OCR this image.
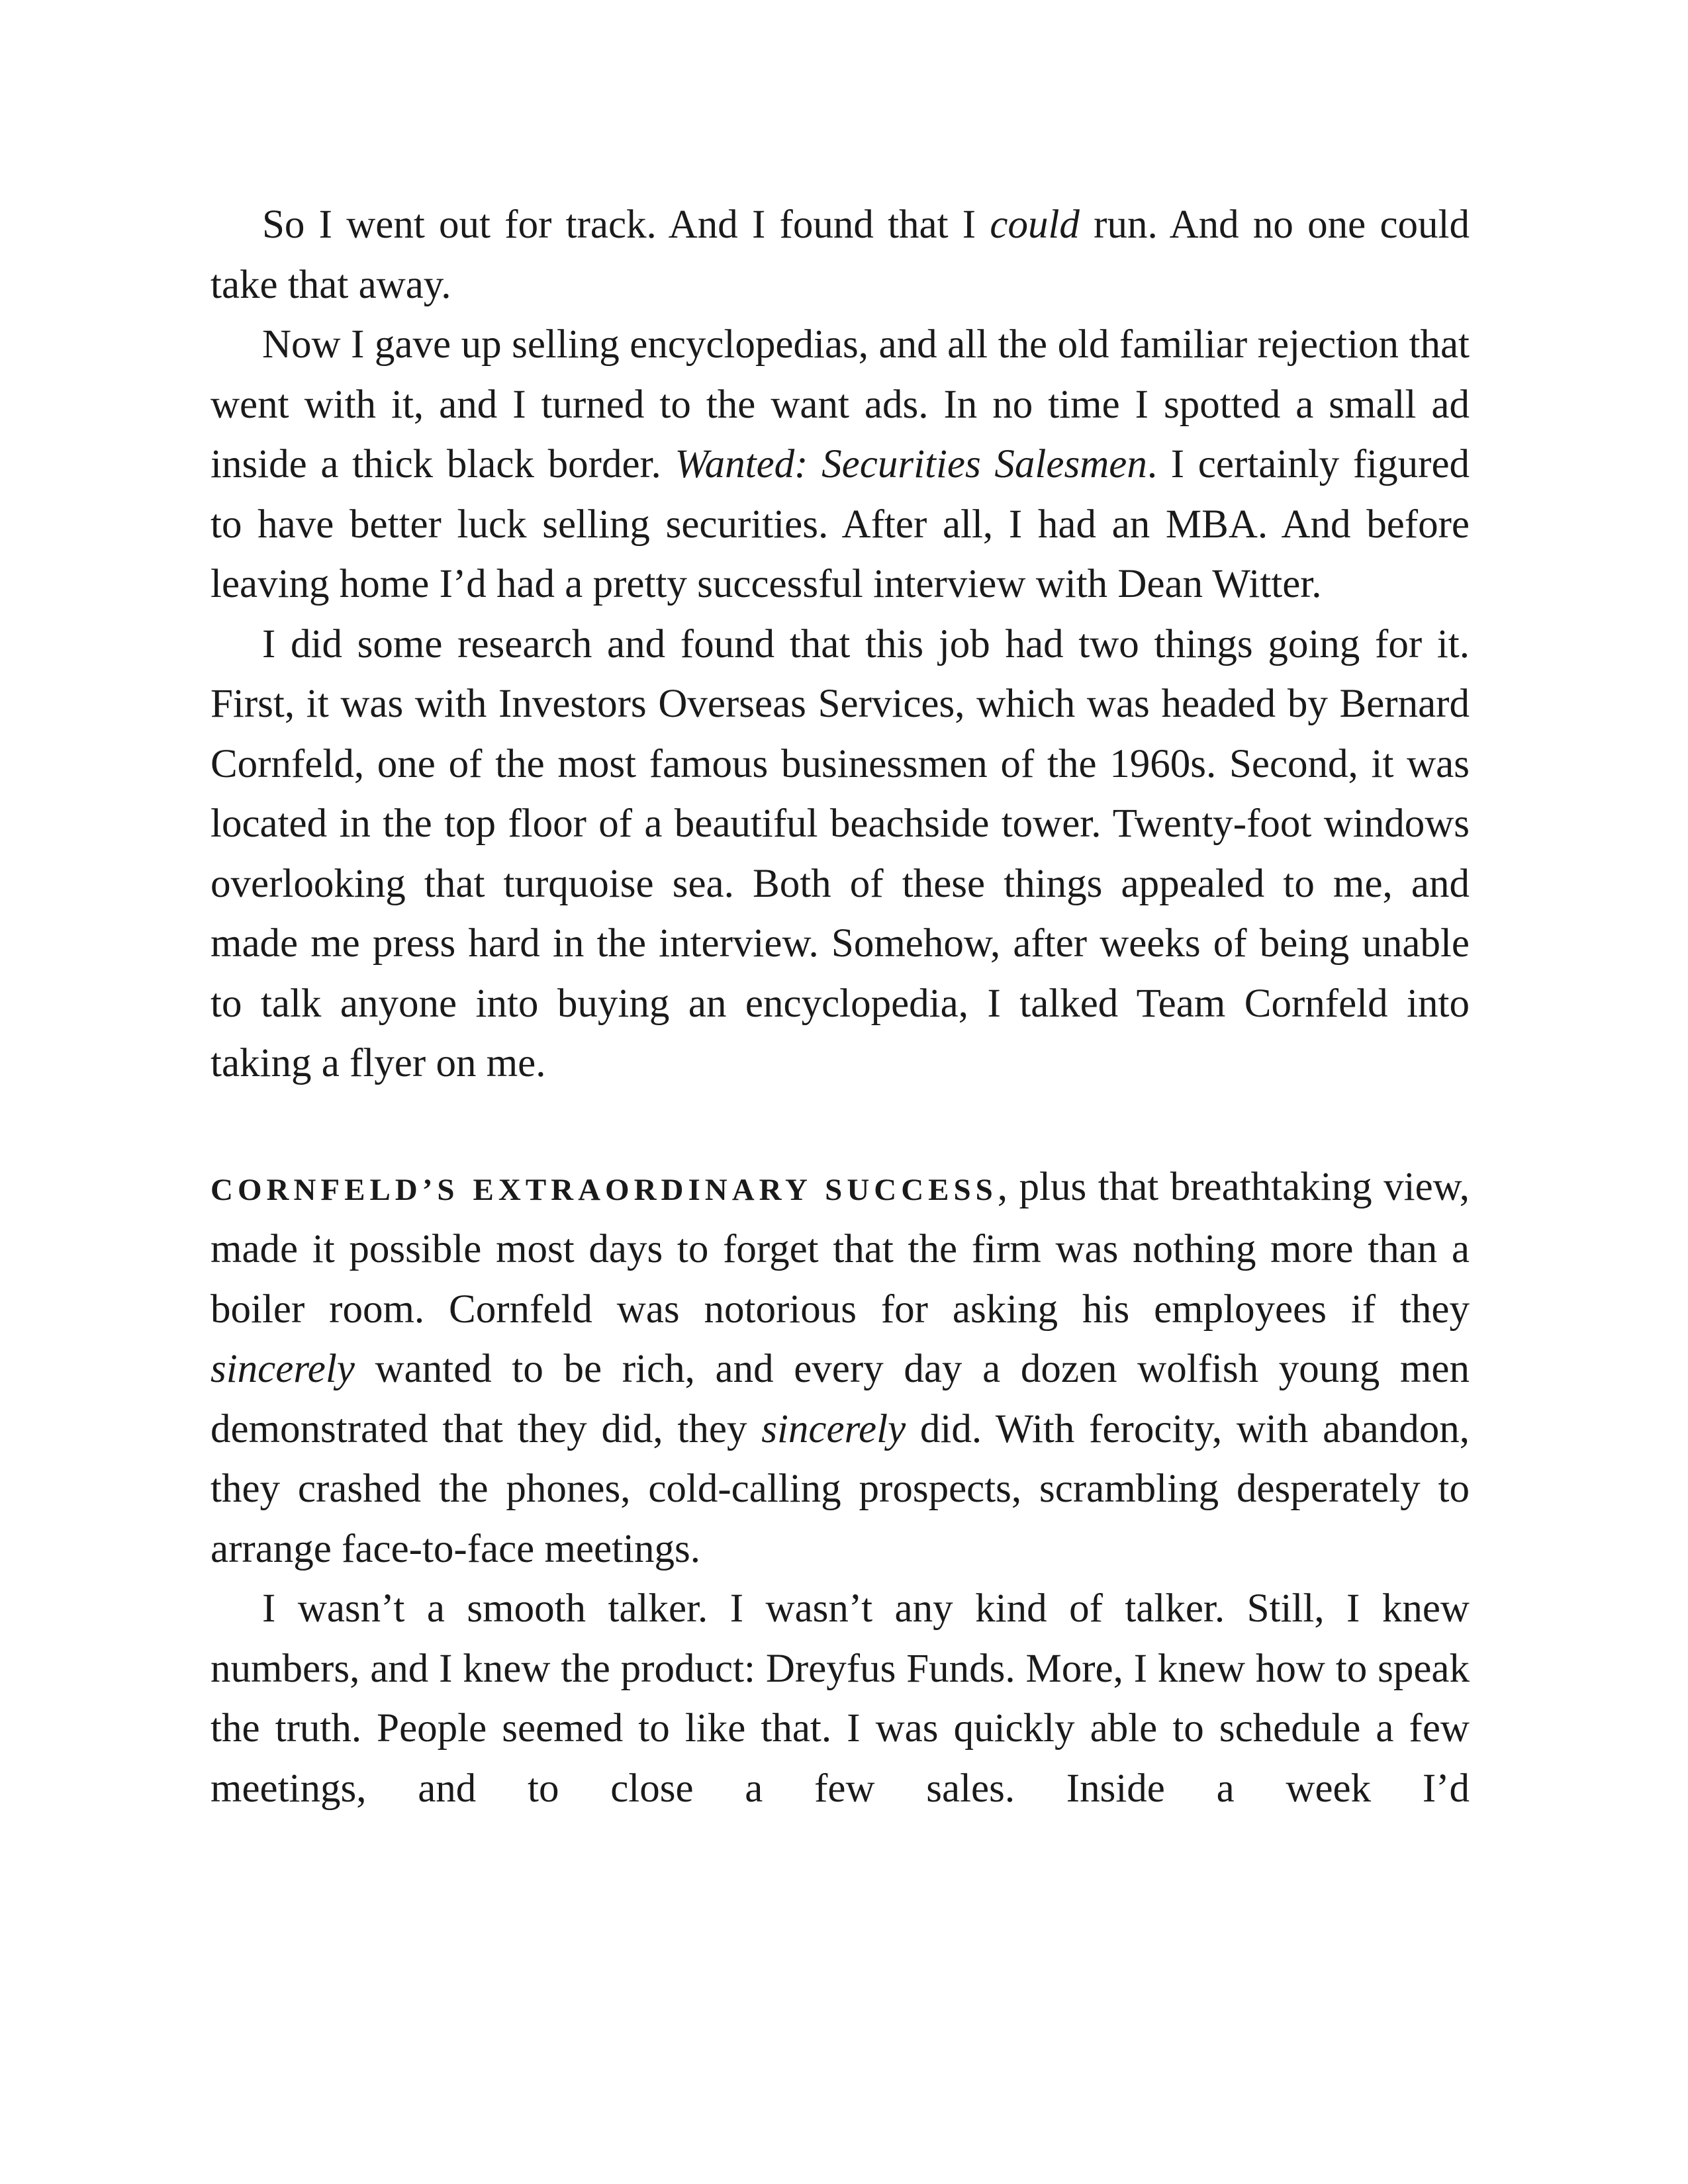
So I went out for track. And I found that I could run. And no one could take that away.

Now I gave up selling encyclopedias, and all the old familiar rejection that went with it, and I turned to the want ads. In no time I spotted a small ad inside a thick black border. Wanted: Securities Salesmen. I certainly figured to have better luck selling securities. After all, I had an MBA. And before leaving home I’d had a pretty successful interview with Dean Witter.

I did some research and found that this job had two things going for it. First, it was with Investors Overseas Services, which was headed by Bernard Cornfeld, one of the most famous businessmen of the 1960s. Second, it was located in the top floor of a beautiful beachside tower. Twenty-foot windows overlooking that turquoise sea. Both of these things appealed to me, and made me press hard in the interview. Somehow, after weeks of being unable to talk anyone into buying an encyclopedia, I talked Team Cornfeld into taking a flyer on me.

CORNFELD’S EXTRAORDINARY SUCCESS, plus that breathtaking view, made it possible most days to forget that the firm was nothing more than a boiler room. Cornfeld was notorious for asking his employees if they sincerely wanted to be rich, and every day a dozen wolfish young men demonstrated that they did, they sincerely did. With ferocity, with abandon, they crashed the phones, cold-calling prospects, scrambling desperately to arrange face-to-face meetings.

I wasn’t a smooth talker. I wasn’t any kind of talker. Still, I knew numbers, and I knew the product: Dreyfus Funds. More, I knew how to speak the truth. People seemed to like that. I was quickly able to schedule a few meetings, and to close a few sales. Inside a week I’d
